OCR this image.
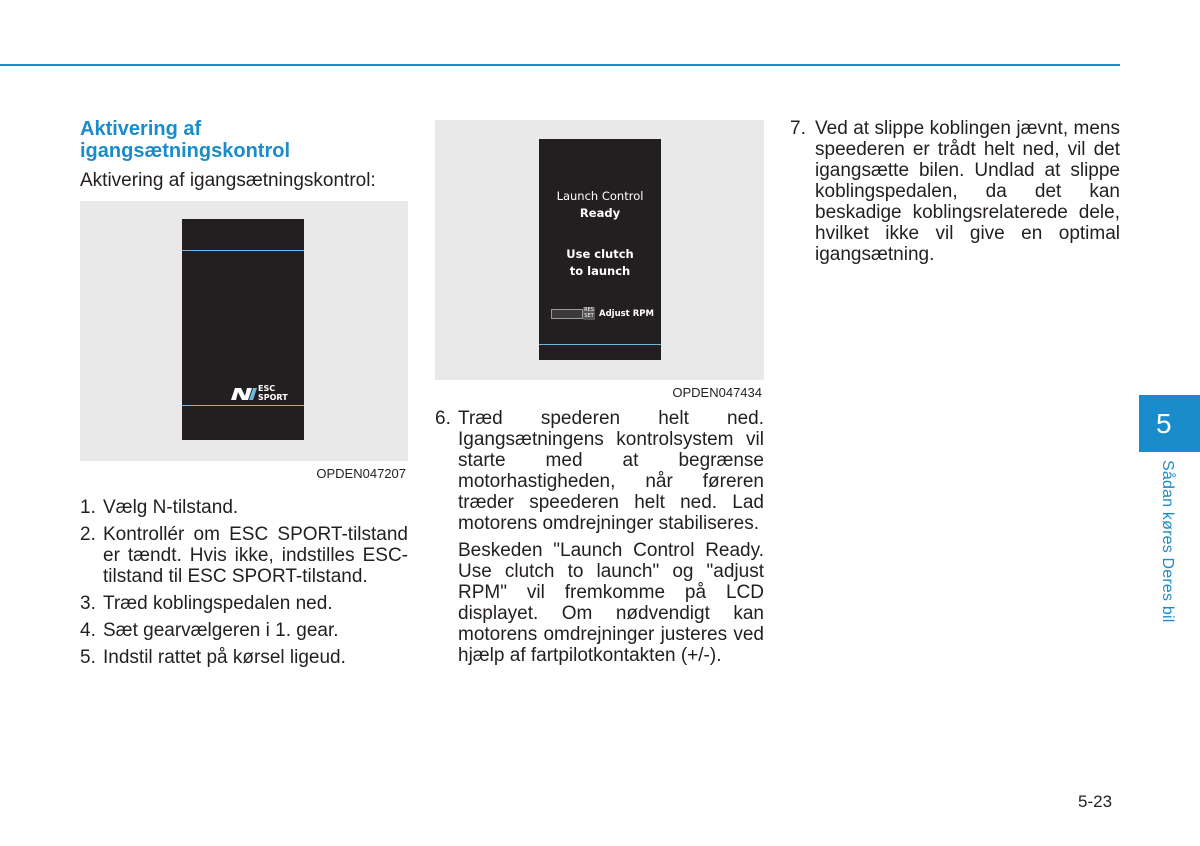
Aktivering af igangsætningskontrol

Aktivering af igangsætningskontrol:

ESC
SPORT
OPDEN047207
1. Vælg N-tilstand.
2. Kontrollér om ESC SPORT-tilstand er tændt. Hvis ikke, indstilles ESC-tilstand til ESC SPORT-tilstand.
3. Træd koblingspedalen ned.
4. Sæt gearvælgeren i 1. gear.
5. Indstil rattet på kørsel ligeud.
Launch Control
Ready
Use clutch
to launch
RES
SET Adjust RPM
OPDEN047434
6. Træd spederen helt ned. Igangsætningens kontrolsystem vil starte med at begrænse motorhastigheden, når føreren træder speederen helt ned. Lad motorens omdrejninger stabiliseres.

Beskeden "Launch Control Ready. Use clutch to launch" og "adjust RPM" vil fremkomme på LCD displayet. Om nødvendigt kan motorens omdrejninger justeres ved hjælp af fartpilotkontakten (+/-).

7. Ved at slippe koblingen jævnt, mens speederen er trådt helt ned, vil det igangsætte bilen. Undlad at slippe koblingspedalen, da det kan beskadige koblingsrelaterede dele, hvilket ikke vil give en optimal igangsætning.
5
Sådan køres Deres bil
5-23
